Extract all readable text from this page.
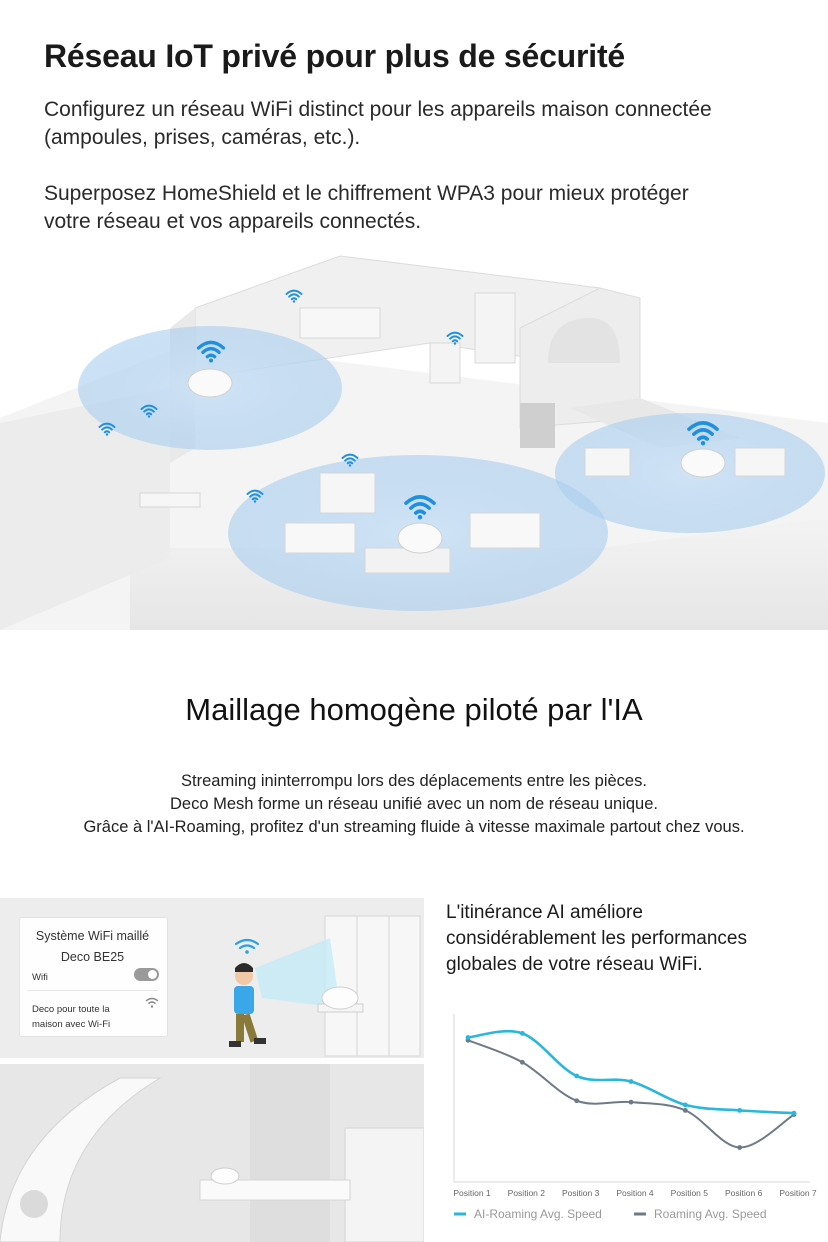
Réseau IoT privé pour plus de sécurité
Configurez un réseau WiFi distinct pour les appareils maison connectée
(ampoules, prises, caméras, etc.).
Superposez HomeShield et le chiffrement WPA3 pour mieux protéger
votre réseau et vos appareils connectés.
Maillage homogène piloté par l'IA
Streaming ininterrompu lors des déplacements entre les pièces.
Deco Mesh forme un réseau unifié avec un nom de réseau unique.
Grâce à l'AI-Roaming, profitez d'un streaming fluide à vitesse maximale partout chez vous.
Système WiFi maillé
Deco BE25
Wifi
Deco pour toute la
maison avec Wi-Fi
L'itinérance AI améliore
considérablement les performances
globales de votre réseau WiFi.
Position 1 Position 2 Position 3 Position 4 Position 5 Position 6 Position 7
AI-Roaming Avg. Speed	Roaming Avg. Speed
